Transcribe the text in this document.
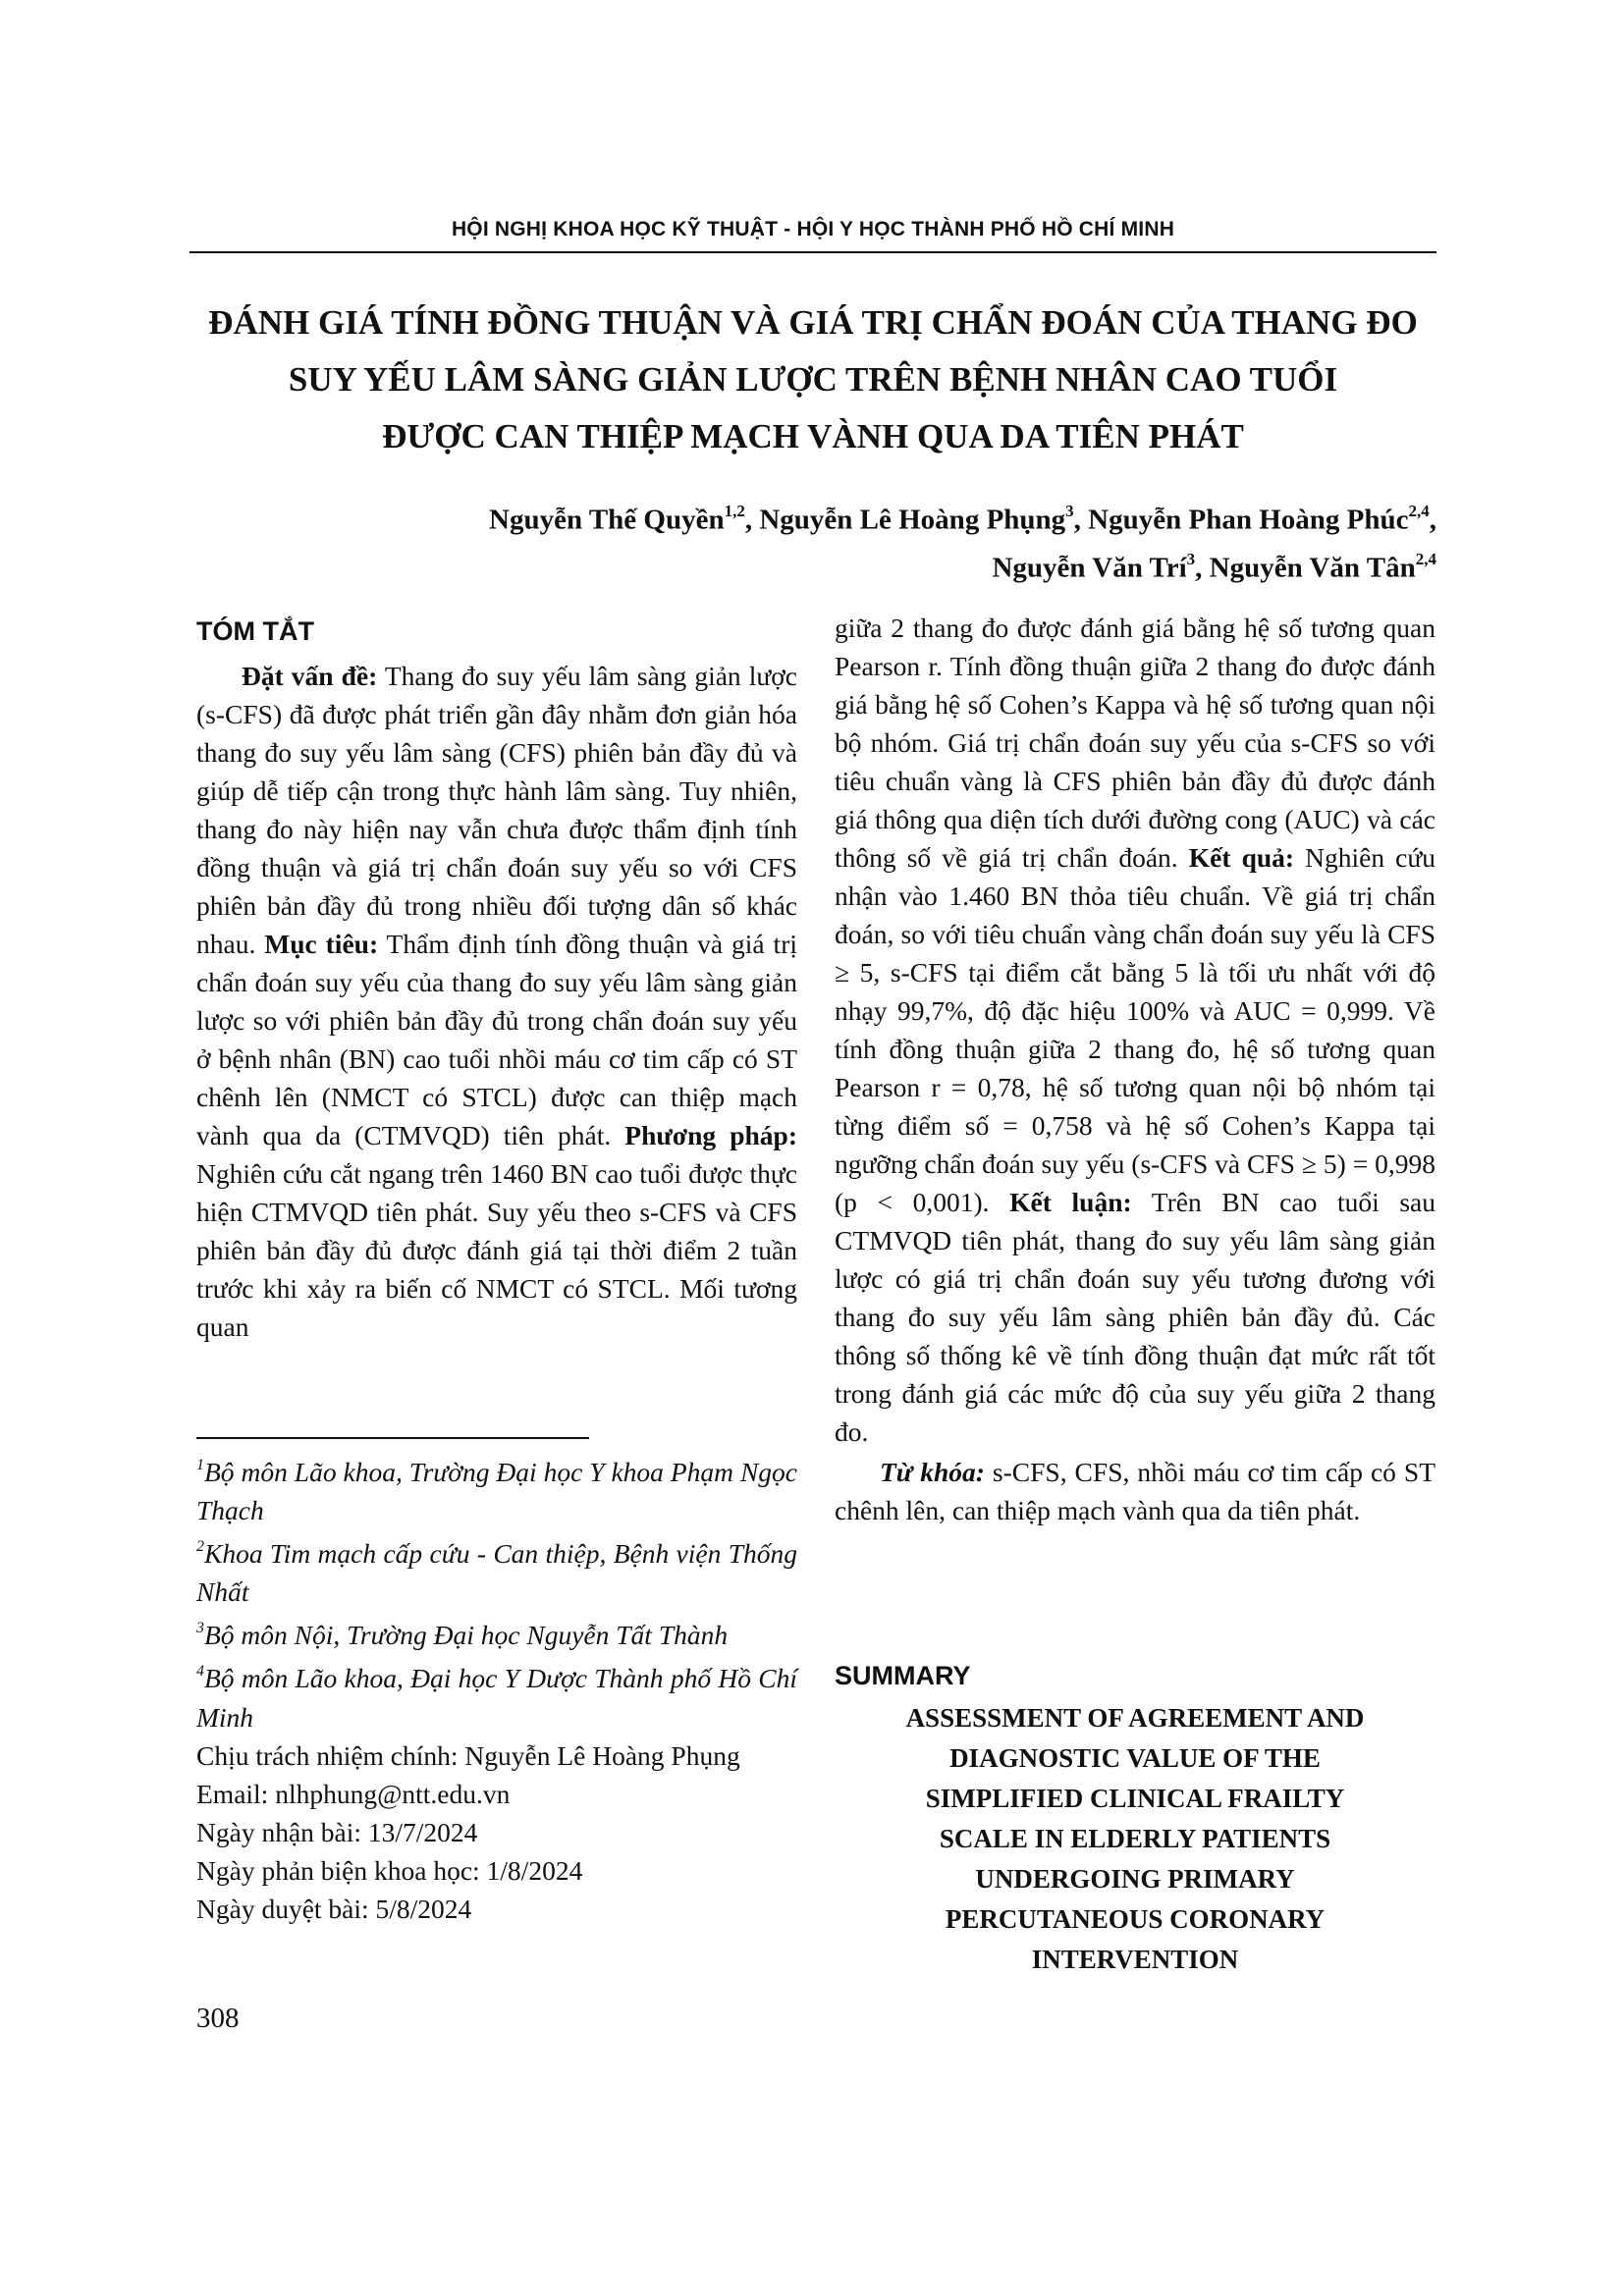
HỘI NGHỊ KHOA HỌC KỸ THUẬT - HỘI Y HỌC THÀNH PHỐ HỒ CHÍ MINH
ĐÁNH GIÁ TÍNH ĐỒNG THUẬN VÀ GIÁ TRỊ CHẨN ĐOÁN CỦA THANG ĐO
SUY YẾU LÂM SÀNG GIẢN LƯỢC TRÊN BỆNH NHÂN CAO TUỔI
ĐƯỢC CAN THIỆP MẠCH VÀNH QUA DA TIÊN PHÁT
Nguyễn Thế Quyền$^{1,2}$, Nguyễn Lê Hoàng Phụng$^3$, Nguyễn Phan Hoàng Phúc$^{2,4}$,
Nguyễn Văn Trí$^3$, Nguyễn Văn Tân$^{2,4}$
TÓM TẮT

Đặt vấn đề: Thang đo suy yếu lâm sàng giản lược (s-CFS) đã được phát triển gần đây nhằm đơn giản hóa thang đo suy yếu lâm sàng (CFS) phiên bản đầy đủ và giúp dễ tiếp cận trong thực hành lâm sàng. Tuy nhiên, thang đo này hiện nay vẫn chưa được thẩm định tính đồng thuận và giá trị chẩn đoán suy yếu so với CFS phiên bản đầy đủ trong nhiều đối tượng dân số khác nhau. Mục tiêu: Thẩm định tính đồng thuận và giá trị chẩn đoán suy yếu của thang đo suy yếu lâm sàng giản lược so với phiên bản đầy đủ trong chẩn đoán suy yếu ở bệnh nhân (BN) cao tuổi nhồi máu cơ tim cấp có ST chênh lên (NMCT có STCL) được can thiệp mạch vành qua da (CTMVQD) tiên phát. Phương pháp: Nghiên cứu cắt ngang trên 1460 BN cao tuổi được thực hiện CTMVQD tiên phát. Suy yếu theo s-CFS và CFS phiên bản đầy đủ được đánh giá tại thời điểm 2 tuần trước khi xảy ra biến cố NMCT có STCL. Mối tương quan

giữa 2 thang đo được đánh giá bằng hệ số tương quan Pearson r. Tính đồng thuận giữa 2 thang đo được đánh giá bằng hệ số Cohen’s Kappa và hệ số tương quan nội bộ nhóm. Giá trị chẩn đoán suy yếu của s-CFS so với tiêu chuẩn vàng là CFS phiên bản đầy đủ được đánh giá thông qua diện tích dưới đường cong (AUC) và các thông số về giá trị chẩn đoán. Kết quả: Nghiên cứu nhận vào 1.460 BN thỏa tiêu chuẩn. Về giá trị chẩn đoán, so với tiêu chuẩn vàng chẩn đoán suy yếu là CFS ≥ 5, s-CFS tại điểm cắt bằng 5 là tối ưu nhất với độ nhạy 99,7%, độ đặc hiệu 100% và AUC = 0,999. Về tính đồng thuận giữa 2 thang đo, hệ số tương quan Pearson r = 0,78, hệ số tương quan nội bộ nhóm tại từng điểm số = 0,758 và hệ số Cohen’s Kappa tại ngưỡng chẩn đoán suy yếu (s-CFS và CFS ≥ 5) = 0,998 (p < 0,001). Kết luận: Trên BN cao tuổi sau CTMVQD tiên phát, thang đo suy yếu lâm sàng giản lược có giá trị chẩn đoán suy yếu tương đương với thang đo suy yếu lâm sàng phiên bản đầy đủ. Các thông số thống kê về tính đồng thuận đạt mức rất tốt trong đánh giá các mức độ của suy yếu giữa 2 thang đo.

Từ khóa: s-CFS, CFS, nhồi máu cơ tim cấp có ST chênh lên, can thiệp mạch vành qua da tiên phát.

$^1$Bộ môn Lão khoa, Trường Đại học Y khoa Phạm Ngọc Thạch

$^2$Khoa Tim mạch cấp cứu - Can thiệp, Bệnh viện Thống Nhất

$^3$Bộ môn Nội, Trường Đại học Nguyễn Tất Thành

$^4$Bộ môn Lão khoa, Đại học Y Dược Thành phố Hồ Chí Minh

Chịu trách nhiệm chính: Nguyễn Lê Hoàng Phụng

Email: nlhphung@ntt.edu.vn

Ngày nhận bài: 13/7/2024

Ngày phản biện khoa học: 1/8/2024

Ngày duyệt bài: 5/8/2024

SUMMARY
ASSESSMENT OF AGREEMENT AND
DIAGNOSTIC VALUE OF THE
SIMPLIFIED CLINICAL FRAILTY
SCALE IN ELDERLY PATIENTS
UNDERGOING PRIMARY
PERCUTANEOUS CORONARY
INTERVENTION
308
